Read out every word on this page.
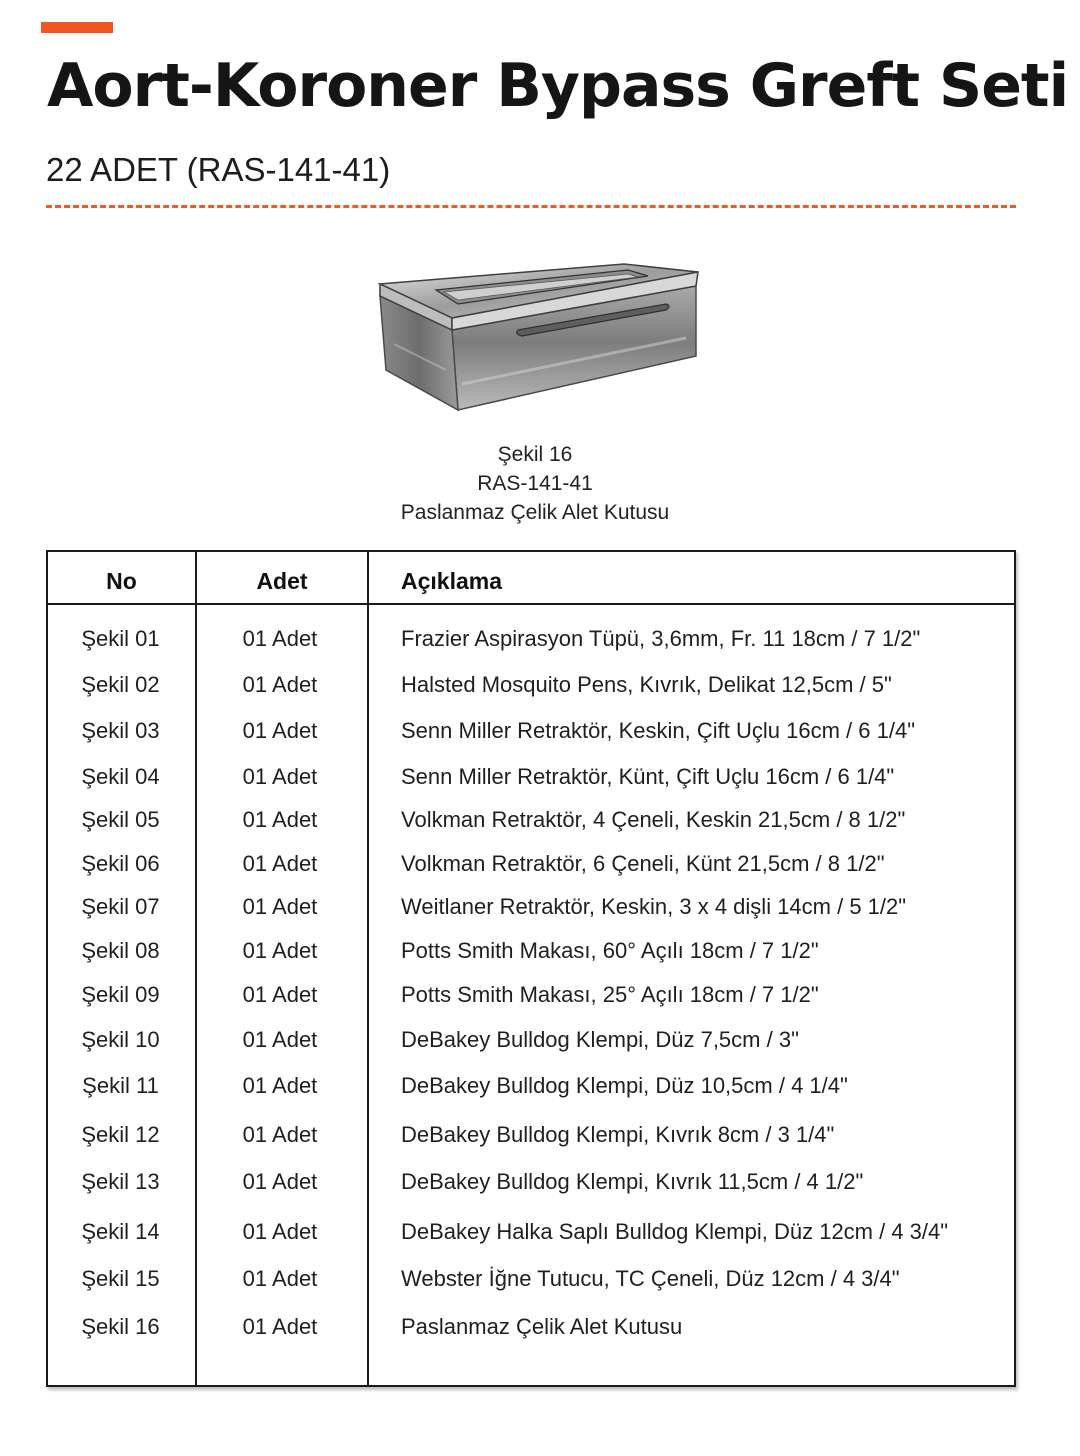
Aort-Koroner Bypass Greft Seti
22 ADET (RAS-141-41)
Şekil 16
RAS-141-41
Paslanmaz Çelik Alet Kutusu
No	Adet	Açıklama
Şekil 01	01 Adet	Frazier Aspirasyon Tüpü, 3,6mm, Fr. 11 18cm / 7 1/2"
Şekil 02	01 Adet	Halsted Mosquito Pens, Kıvrık, Delikat 12,5cm / 5"
Şekil 03	01 Adet	Senn Miller Retraktör, Keskin, Çift Uçlu 16cm / 6 1/4"
Şekil 04	01 Adet	Senn Miller Retraktör, Künt, Çift Uçlu 16cm / 6 1/4"
Şekil 05	01 Adet	Volkman Retraktör, 4 Çeneli, Keskin 21,5cm / 8 1/2"
Şekil 06	01 Adet	Volkman Retraktör, 6 Çeneli, Künt 21,5cm / 8 1/2"
Şekil 07	01 Adet	Weitlaner Retraktör, Keskin, 3 x 4 dişli 14cm / 5 1/2"
Şekil 08	01 Adet	Potts Smith Makası, 60° Açılı 18cm / 7 1/2"
Şekil 09	01 Adet	Potts Smith Makası, 25° Açılı 18cm / 7 1/2"
Şekil 10	01 Adet	DeBakey Bulldog Klempi, Düz 7,5cm / 3"
Şekil 11	01 Adet	DeBakey Bulldog Klempi, Düz 10,5cm / 4 1/4"
Şekil 12	01 Adet	DeBakey Bulldog Klempi, Kıvrık 8cm / 3 1/4"
Şekil 13	01 Adet	DeBakey Bulldog Klempi, Kıvrık 11,5cm / 4 1/2"
Şekil 14	01 Adet	DeBakey Halka Saplı Bulldog Klempi, Düz 12cm / 4 3/4"
Şekil 15	01 Adet	Webster İğne Tutucu, TC Çeneli, Düz 12cm / 4 3/4"
Şekil 16	01 Adet	Paslanmaz Çelik Alet Kutusu
